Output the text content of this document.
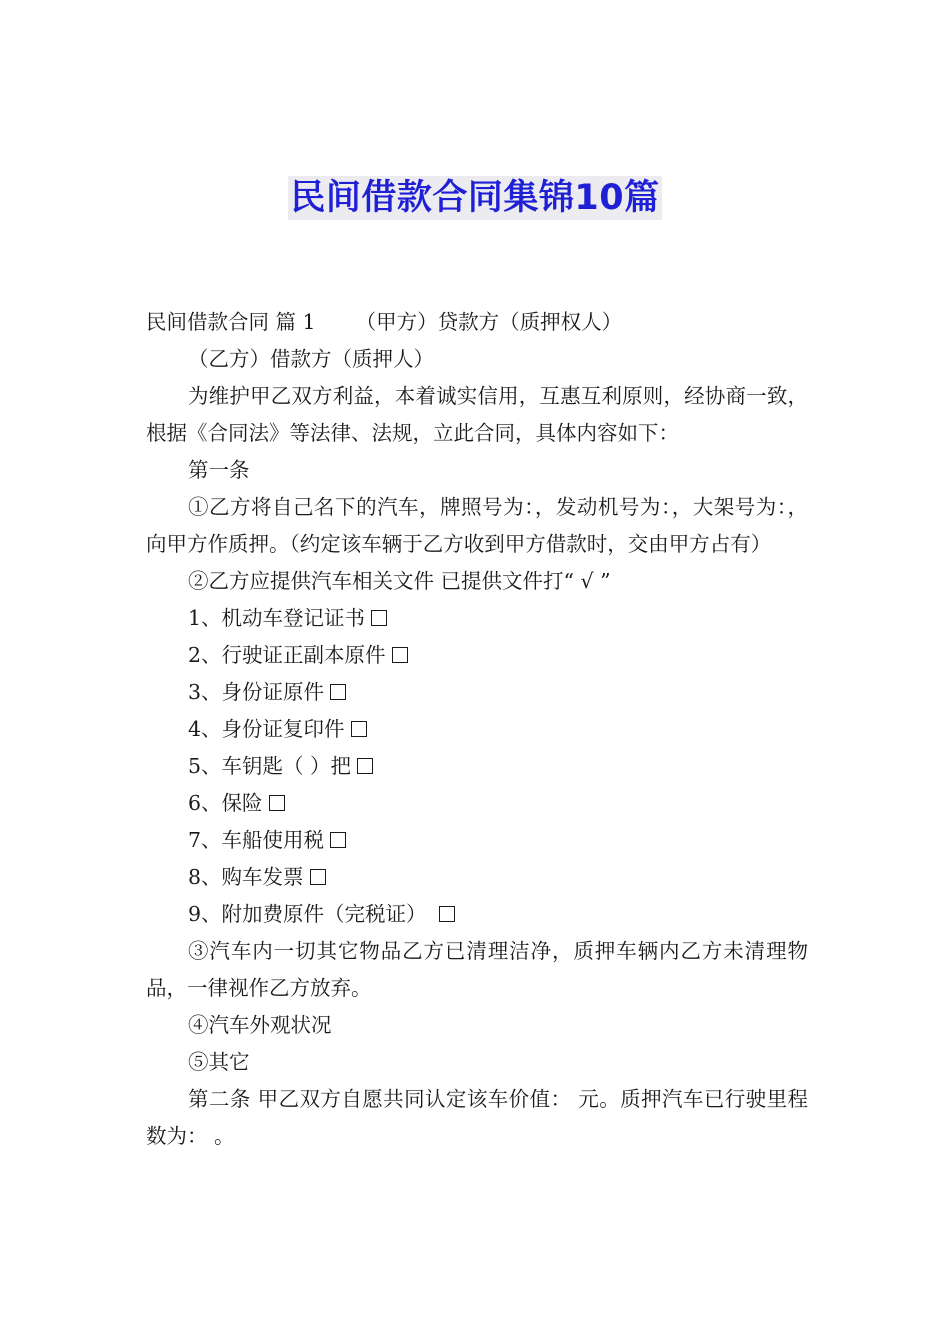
民间借款合同集锦10篇

民间借款合同 篇 1 （甲方）贷款方（质押权人）

（乙方）借款方（质押人）

为维护甲乙双方利益，本着诚实信用，互惠互利原则，经协商一致，根据《合同法》等法律、法规，立此合同，具体内容如下：

第一条

①乙方将自己名下的汽车，牌照号为：，发动机号为：，大架号为：，向甲方作质押。（约定该车辆于乙方收到甲方借款时，交由甲方占有）

②乙方应提供汽车相关文件 已提供文件打“ √ ”

1、机动车登记证书

2、行驶证正副本原件

3、身份证原件

4、身份证复印件

5、车钥匙（ ）把

6、保险

7、车船使用税

8、购车发票

9、附加费原件（完税证）

③汽车内一切其它物品乙方已清理洁净，质押车辆内乙方未清理物品，一律视作乙方放弃。

④汽车外观状况

⑤其它

第二条 甲乙双方自愿共同认定该车价值： 元。质押汽车已行驶里程数为： 。
